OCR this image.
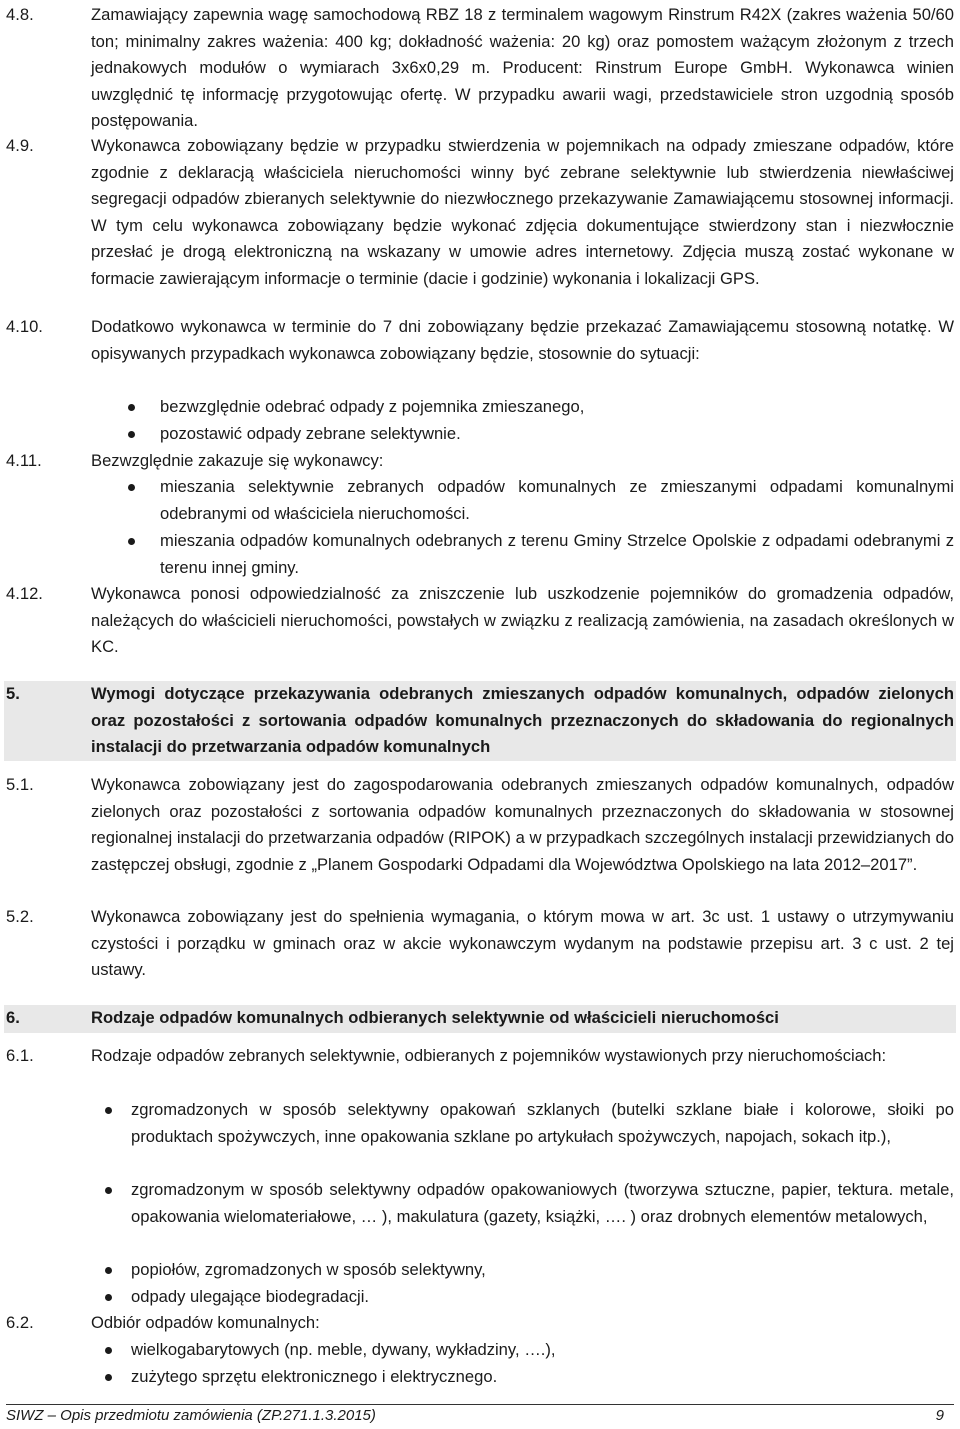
4.8.	Zamawiający zapewnia wagę samochodową RBZ 18 z terminalem wagowym Rinstrum R42X (zakres ważenia 50/60 ton; minimalny zakres ważenia: 400 kg; dokładność ważenia: 20 kg) oraz pomostem ważącym złożonym z trzech jednakowych modułów o wymiarach 3x6x0,29 m. Producent: Rinstrum Europe GmbH. Wykonawca winien uwzględnić tę informację przygotowując ofertę. W przypadku awarii wagi, przedstawiciele stron uzgodnią sposób postępowania.
4.9.	Wykonawca zobowiązany będzie w przypadku stwierdzenia w pojemnikach na odpady zmieszane odpadów, które zgodnie z deklaracją właściciela nieruchomości winny być zebrane selektywnie lub stwierdzenia niewłaściwej segregacji odpadów zbieranych selektywnie do niezwłocznego przekazywanie Zamawiającemu stosownej informacji. W tym celu wykonawca zobowiązany będzie wykonać zdjęcia dokumentujące stwierdzony stan i niezwłocznie przesłać je drogą elektroniczną na wskazany w umowie adres internetowy. Zdjęcia muszą zostać wykonane w formacie zawierającym informacje o terminie (dacie i godzinie) wykonania i lokalizacji GPS.
4.10.	Dodatkowo wykonawca w terminie do 7 dni zobowiązany będzie przekazać Zamawiającemu stosowną notatkę. W opisywanych przypadkach wykonawca zobowiązany będzie, stosownie do sytuacji:
bezwzględnie odebrać odpady z pojemnika zmieszanego,
pozostawić odpady zebrane selektywnie.
4.11.	Bezwzględnie zakazuje się wykonawcy:
mieszania selektywnie zebranych odpadów komunalnych ze zmieszanymi odpadami komunalnymi odebranymi od właściciela nieruchomości.
mieszania odpadów komunalnych odebranych z terenu Gminy Strzelce Opolskie z odpadami odebranymi z terenu innej gminy.
4.12.	Wykonawca ponosi odpowiedzialność za zniszczenie lub uszkodzenie pojemników do gromadzenia odpadów, należących do właścicieli nieruchomości, powstałych w związku z realizacją zamówienia, na zasadach określonych w KC.
5.	Wymogi dotyczące przekazywania odebranych zmieszanych odpadów komunalnych, odpadów zielonych oraz pozostałości z sortowania odpadów komunalnych przeznaczonych do składowania do regionalnych instalacji do przetwarzania odpadów komunalnych
5.1.	Wykonawca zobowiązany jest do zagospodarowania odebranych zmieszanych odpadów komunalnych, odpadów zielonych oraz pozostałości z sortowania odpadów komunalnych przeznaczonych do składowania w stosownej regionalnej instalacji do przetwarzania odpadów (RIPOK) a w przypadkach szczególnych instalacji przewidzianych do zastępczej obsługi, zgodnie z „Planem Gospodarki Odpadami dla Województwa Opolskiego na lata 2012–2017”.
5.2.	Wykonawca zobowiązany jest do spełnienia wymagania, o którym mowa w art. 3c ust. 1 ustawy o utrzymywaniu czystości i porządku w gminach oraz w akcie wykonawczym wydanym na podstawie przepisu art. 3 c ust. 2 tej ustawy.
6.	Rodzaje odpadów komunalnych odbieranych selektywnie od właścicieli nieruchomości
6.1.	Rodzaje odpadów zebranych selektywnie, odbieranych z pojemników wystawionych przy nieruchomościach:
zgromadzonych w sposób selektywny opakowań szklanych (butelki szklane białe i kolorowe, słoiki po produktach spożywczych, inne opakowania szklane po artykułach spożywczych, napojach, sokach itp.),
zgromadzonym w sposób selektywny odpadów opakowaniowych (tworzywa sztuczne, papier, tektura. metale, opakowania wielomateriałowe, … ), makulatura (gazety, książki, …. ) oraz drobnych elementów metalowych,
popiołów, zgromadzonych w sposób selektywny,
odpady ulegające biodegradacji.
6.2.	Odbiór odpadów komunalnych:
wielkogabarytowych (np. meble, dywany, wykładziny, ….),
zużytego sprzętu elektronicznego i elektrycznego.
SIWZ – Opis przedmiotu zamówienia (ZP.271.1.3.2015)	9
